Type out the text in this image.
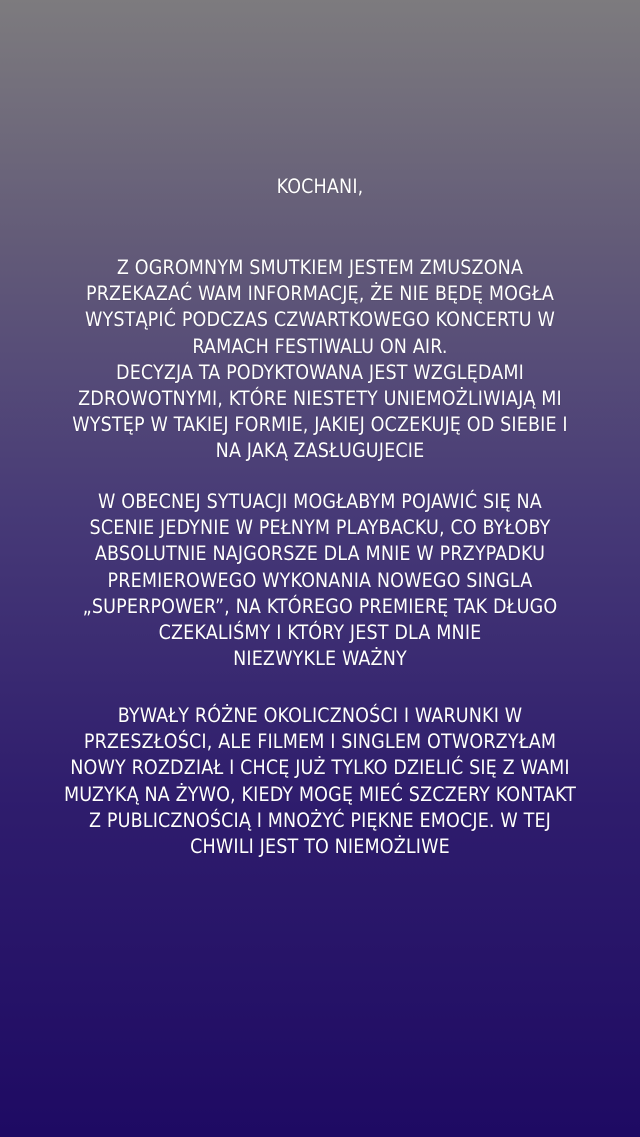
KOCHANI,
Z OGROMNYM SMUTKIEM JESTEM ZMUSZONA
PRZEKAZAĆ WAM INFORMACJĘ, ŻE NIE BĘDĘ MOGŁA
WYSTĄPIĆ PODCZAS CZWARTKOWEGO KONCERTU W
RAMACH FESTIWALU ON AIR.
DECYZJA TA PODYKTOWANA JEST WZGLĘDAMI
ZDROWOTNYMI, KTÓRE NIESTETY UNIEMOŻLIWIAJĄ MI
WYSTĘP W TAKIEJ FORMIE, JAKIEJ OCZEKUJĘ OD SIEBIE I
NA JAKĄ ZASŁUGUJECIE
W OBECNEJ SYTUACJI MOGŁABYM POJAWIĆ SIĘ NA
SCENIE JEDYNIE W PEŁNYM PLAYBACKU, CO BYŁOBY
ABSOLUTNIE NAJGORSZE DLA MNIE W PRZYPADKU
PREMIEROWEGO WYKONANIA NOWEGO SINGLA
„SUPERPOWER”, NA KTÓREGO PREMIERĘ TAK DŁUGO
CZEKALIŚMY I KTÓRY JEST DLA MNIE
NIEZWYKLE WAŻNY
BYWAŁY RÓŻNE OKOLICZNOŚCI I WARUNKI W
PRZESZŁOŚCI, ALE FILMEM I SINGLEM OTWORZYŁAM
NOWY ROZDZIAŁ I CHCĘ JUŻ TYLKO DZIELIĆ SIĘ Z WAMI
MUZYKĄ NA ŻYWO, KIEDY MOGĘ MIEĆ SZCZERY KONTAKT
Z PUBLICZNOŚCIĄ I MNOŻYĆ PIĘKNE EMOCJE. W TEJ
CHWILI JEST TO NIEMOŻLIWE
